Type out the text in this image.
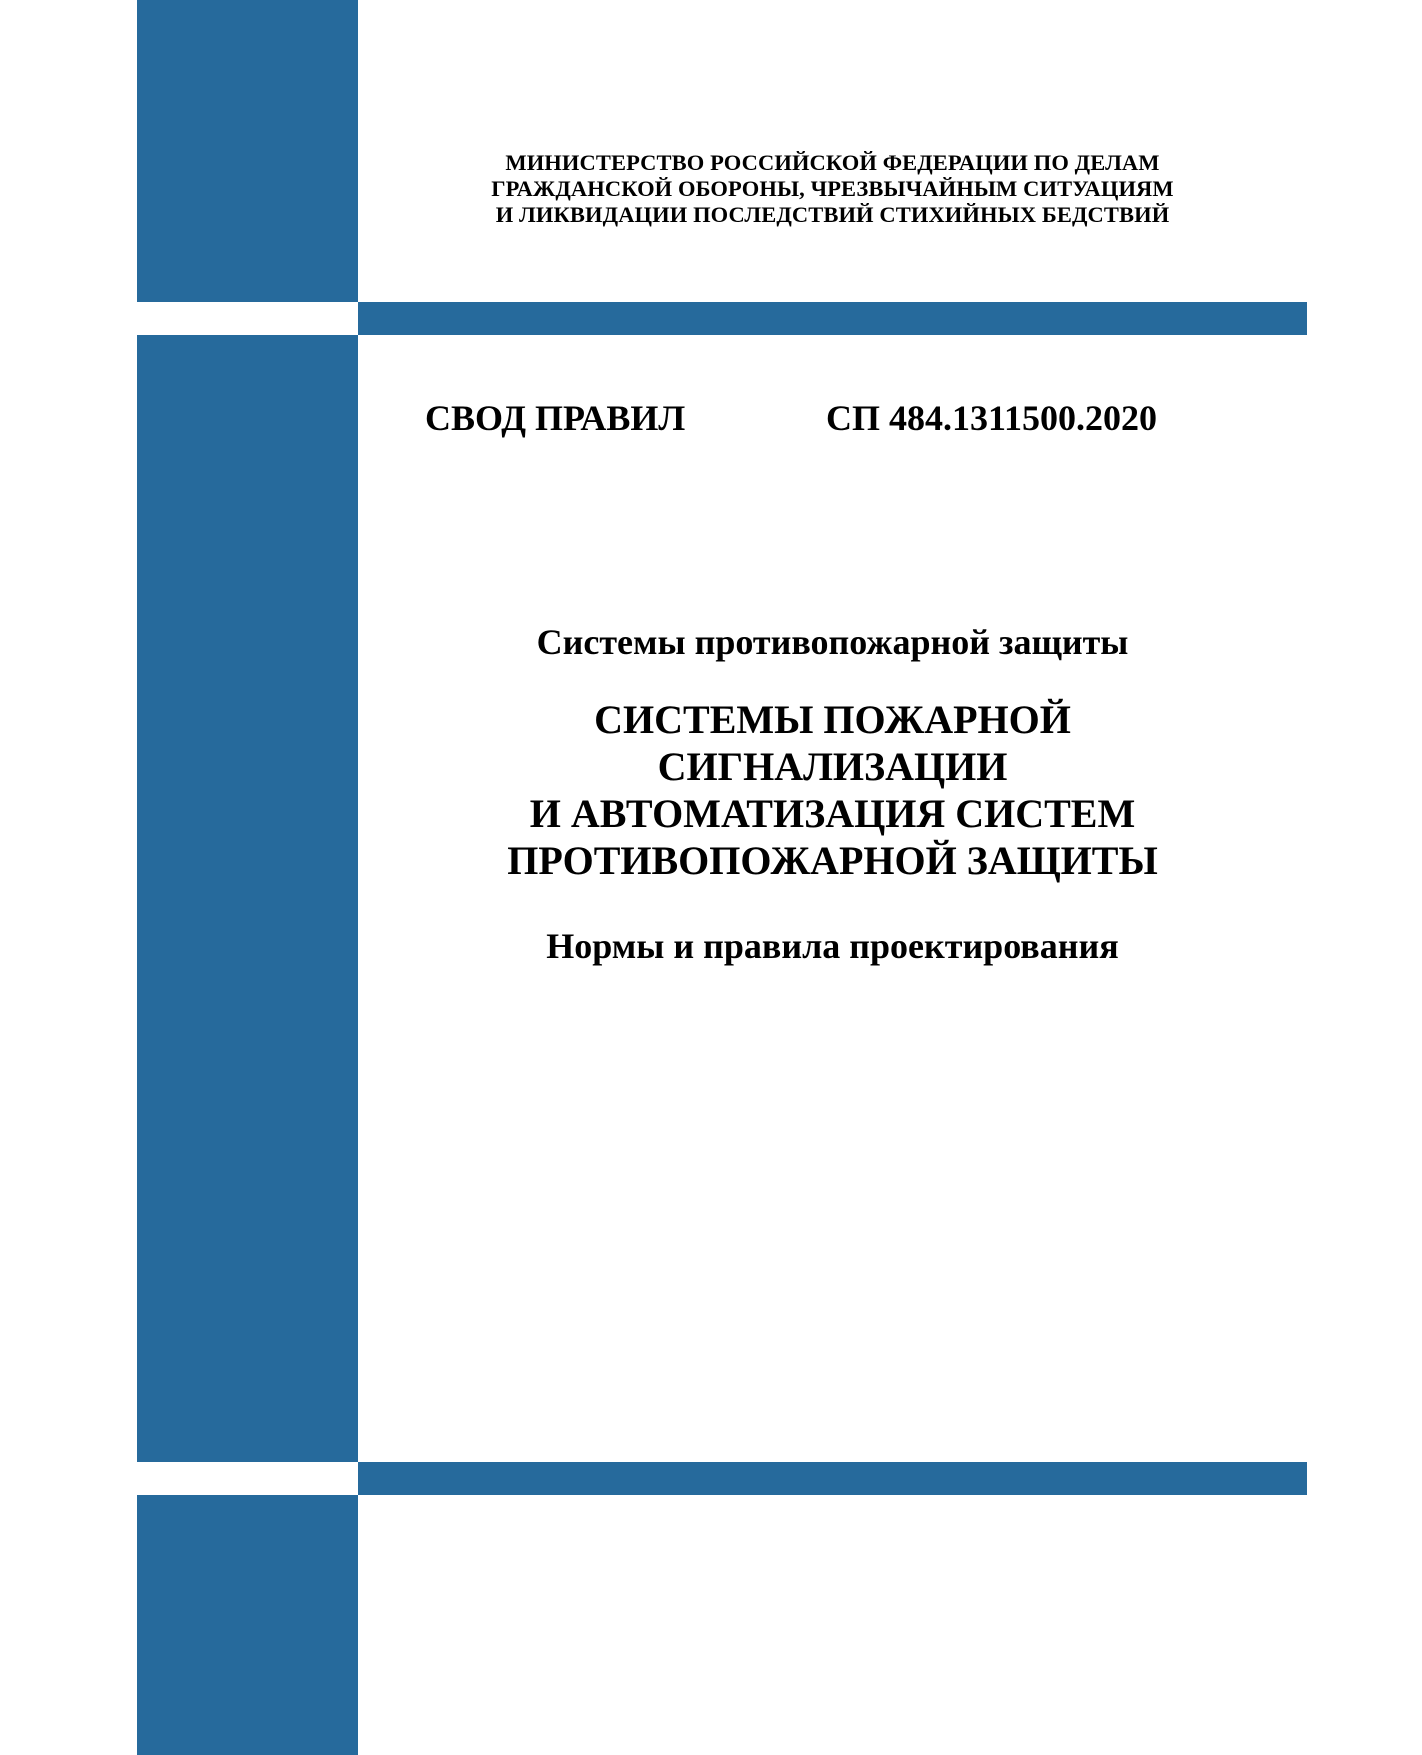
МИНИСТЕРСТВО РОССИЙСКОЙ ФЕДЕРАЦИИ ПО ДЕЛАМ
ГРАЖДАНСКОЙ ОБОРОНЫ, ЧРЕЗВЫЧАЙНЫМ СИТУАЦИЯМ
И ЛИКВИДАЦИИ ПОСЛЕДСТВИЙ СТИХИЙНЫХ БЕДСТВИЙ
СВОД ПРАВИЛ	СП 484.1311500.2020
Системы противопожарной защиты
СИСТЕМЫ ПОЖАРНОЙ
СИГНАЛИЗАЦИИ
И АВТОМАТИЗАЦИЯ СИСТЕМ
ПРОТИВОПОЖАРНОЙ ЗАЩИТЫ
Нормы и правила проектирования
